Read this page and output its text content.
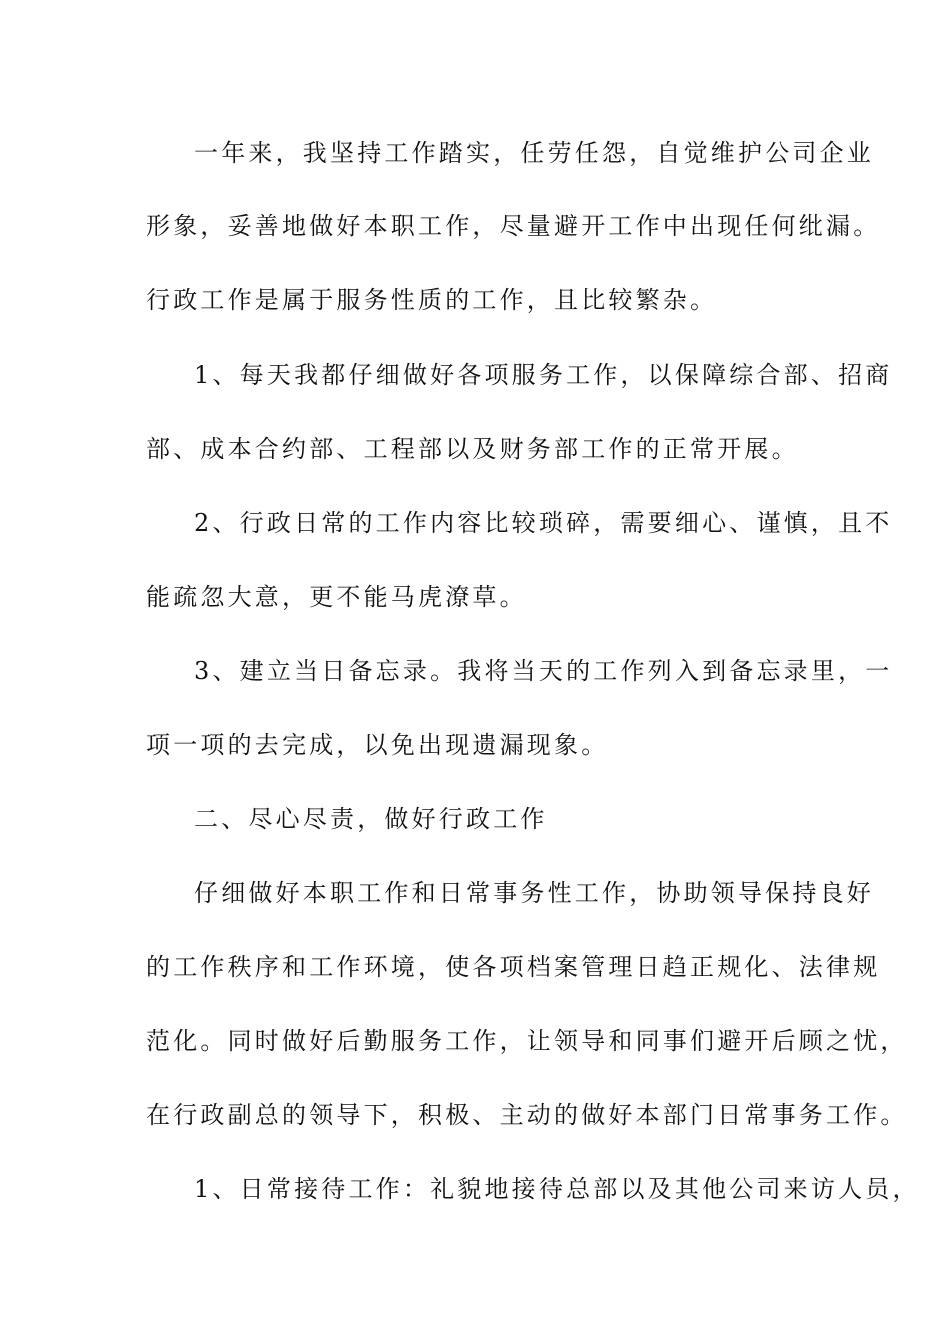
一年来，我坚持工作踏实，任劳任怨，自觉维护公司企业
形象，妥善地做好本职工作，尽量避开工作中出现任何纰漏。
行政工作是属于服务性质的工作，且比较繁杂。
1、每天我都仔细做好各项服务工作，以保障综合部、招商
部、成本合约部、工程部以及财务部工作的正常开展。
2、行政日常的工作内容比较琐碎，需要细心、谨慎，且不
能疏忽大意，更不能马虎潦草。
3、建立当日备忘录。我将当天的工作列入到备忘录里，一
项一项的去完成，以免出现遗漏现象。
二、尽心尽责，做好行政工作
仔细做好本职工作和日常事务性工作，协助领导保持良好
的工作秩序和工作环境，使各项档案管理日趋正规化、法律规
范化。同时做好后勤服务工作，让领导和同事们避开后顾之忧，
在行政副总的领导下，积极、主动的做好本部门日常事务工作。
1、日常接待工作：礼貌地接待总部以及其他公司来访人员，
